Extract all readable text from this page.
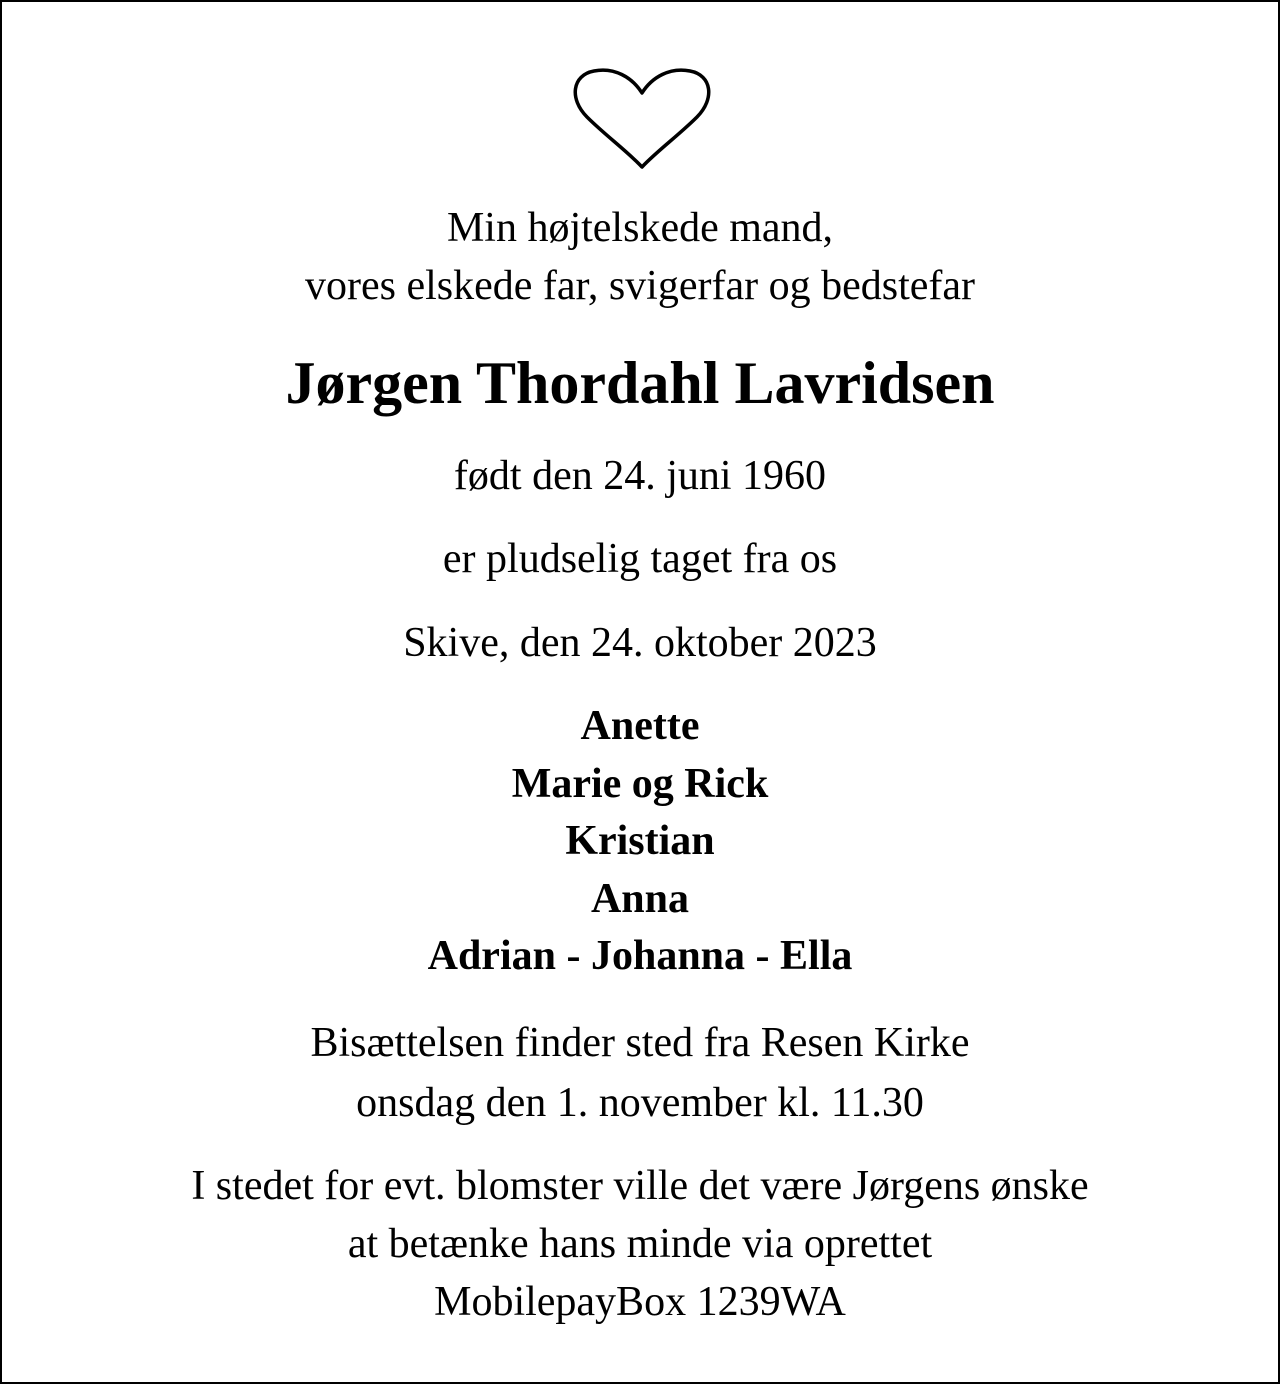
Min højtelskede mand,

vores elskede far, svigerfar og bedstefar

Jørgen Thordahl Lavridsen

født den 24. juni 1960

er pludselig taget fra os

Skive, den 24. oktober 2023

Anette

Marie og Rick

Kristian

Anna

Adrian - Johanna - Ella

Bisættelsen finder sted fra Resen Kirke

onsdag den 1. november kl. 11.30

I stedet for evt. blomster ville det være Jørgens ønske

at betænke hans minde via oprettet

MobilepayBox 1239WA
